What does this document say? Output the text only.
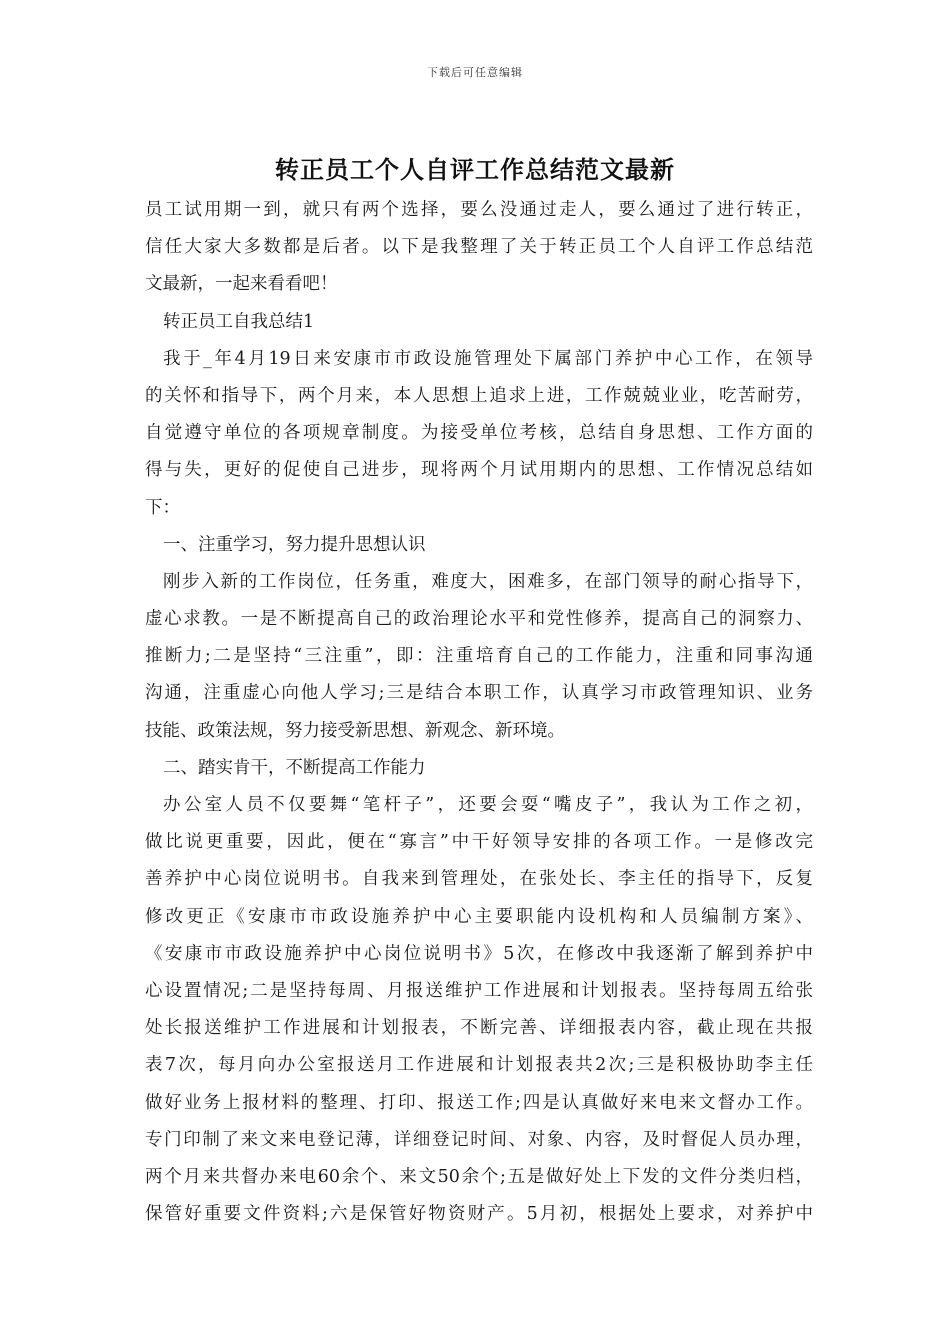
下载后可任意编辑
转正员工个人自评工作总结范文最新
员工试用期一到，就只有两个选择，要么没通过走人，要么通过了进行转正，
信任大家大多数都是后者。以下是我整理了关于转正员工个人自评工作总结范
文最新，一起来看看吧！
转正员工自我总结1
我于_年4月19日来安康市市政设施管理处下属部门养护中心工作，在领导
的关怀和指导下，两个月来，本人思想上追求上进，工作兢兢业业，吃苦耐劳，
自觉遵守单位的各项规章制度。为接受单位考核，总结自身思想、工作方面的
得与失，更好的促使自己进步，现将两个月试用期内的思想、工作情况总结如
下：
一、注重学习，努力提升思想认识
刚步入新的工作岗位，任务重，难度大，困难多，在部门领导的耐心指导下，
虚心求教。一是不断提高自己的政治理论水平和党性修养，提高自己的洞察力、
推断力;二是坚持“三注重”，即：注重培育自己的工作能力，注重和同事沟通
沟通，注重虚心向他人学习;三是结合本职工作，认真学习市政管理知识、业务
技能、政策法规，努力接受新思想、新观念、新环境。
二、踏实肯干，不断提高工作能力
办公室人员不仅要舞“笔杆子”，还要会耍“嘴皮子”，我认为工作之初，
做比说更重要，因此，便在“寡言”中干好领导安排的各项工作。一是修改完
善养护中心岗位说明书。自我来到管理处，在张处长、李主任的指导下，反复
修改更正《安康市市政设施养护中心主要职能内设机构和人员编制方案》、
《安康市市政设施养护中心岗位说明书》5次，在修改中我逐渐了解到养护中
心设置情况;二是坚持每周、月报送维护工作进展和计划报表。坚持每周五给张
处长报送维护工作进展和计划报表，不断完善、详细报表内容，截止现在共报
表7次，每月向办公室报送月工作进展和计划报表共2次;三是积极协助李主任
做好业务上报材料的整理、打印、报送工作;四是认真做好来电来文督办工作。
专门印制了来文来电登记薄，详细登记时间、对象、内容，及时督促人员办理，
两个月来共督办来电60余个、来文50余个;五是做好处上下发的文件分类归档，
保管好重要文件资料;六是保管好物资财产。5月初，根据处上要求，对养护中
